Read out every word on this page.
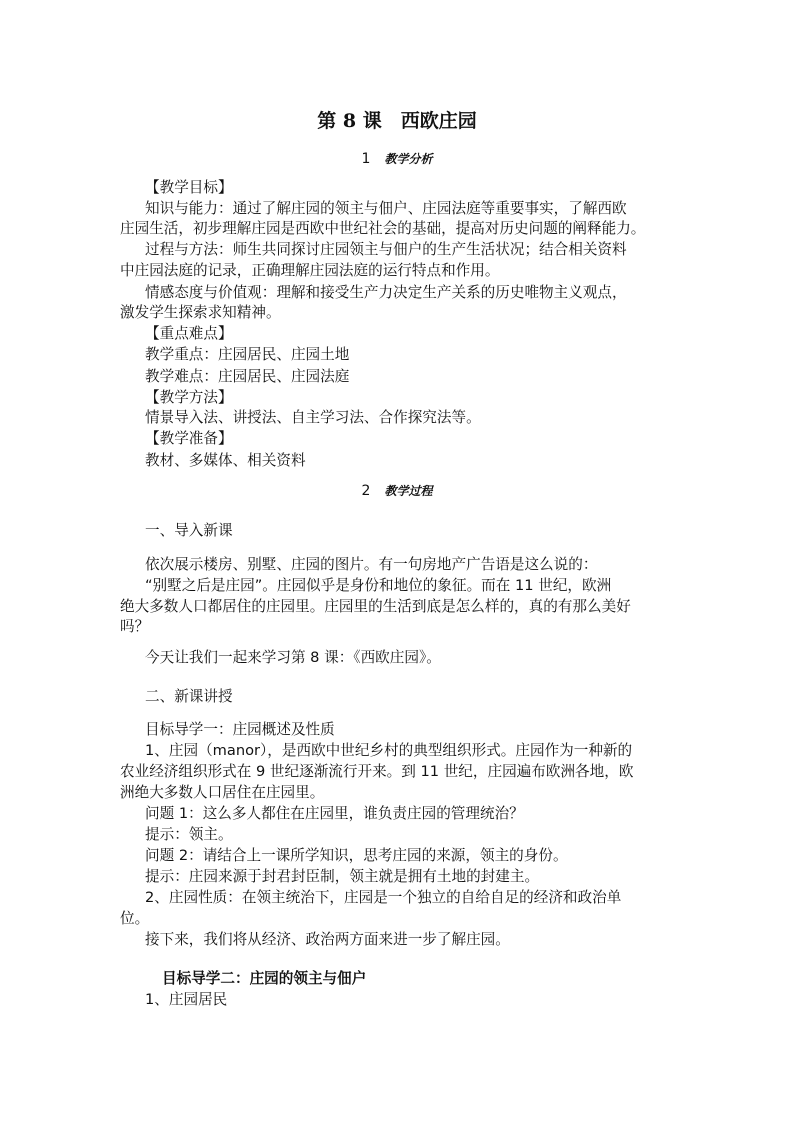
第 8 课　西欧庄园
1 教学分析
【教学目标】
知识与能力：通过了解庄园的领主与佃户、庄园法庭等重要事实，了解西欧
庄园生活，初步理解庄园是西欧中世纪社会的基础，提高对历史问题的阐释能力。
过程与方法：师生共同探讨庄园领主与佃户的生产生活状况；结合相关资料
中庄园法庭的记录，正确理解庄园法庭的运行特点和作用。
情感态度与价值观：理解和接受生产力决定生产关系的历史唯物主义观点，
激发学生探索求知精神。
【重点难点】
教学重点：庄园居民、庄园土地
教学难点：庄园居民、庄园法庭
【教学方法】
情景导入法、讲授法、自主学习法、合作探究法等。
【教学准备】
教材、多媒体、相关资料
2 教学过程
一、导入新课
依次展示楼房、别墅、庄园的图片。有一句房地产广告语是这么说的：
“别墅之后是庄园”。庄园似乎是身份和地位的象征。而在 11 世纪，欧洲
绝大多数人口都居住的庄园里。庄园里的生活到底是怎么样的，真的有那么美好
吗？
今天让我们一起来学习第 8 课：《西欧庄园》。
二、新课讲授
目标导学一：庄园概述及性质
1、庄园（manor），是西欧中世纪乡村的典型组织形式。庄园作为一种新的
农业经济组织形式在 9 世纪逐渐流行开来。到 11 世纪，庄园遍布欧洲各地，欧
洲绝大多数人口居住在庄园里。
问题 1：这么多人都住在庄园里，谁负责庄园的管理统治？
提示：领主。
问题 2：请结合上一课所学知识，思考庄园的来源，领主的身份。
提示：庄园来源于封君封臣制，领主就是拥有土地的封建主。
2、庄园性质：在领主统治下，庄园是一个独立的自给自足的经济和政治单
位。
接下来，我们将从经济、政治两方面来进一步了解庄园。
目标导学二：庄园的领主与佃户
1、庄园居民
